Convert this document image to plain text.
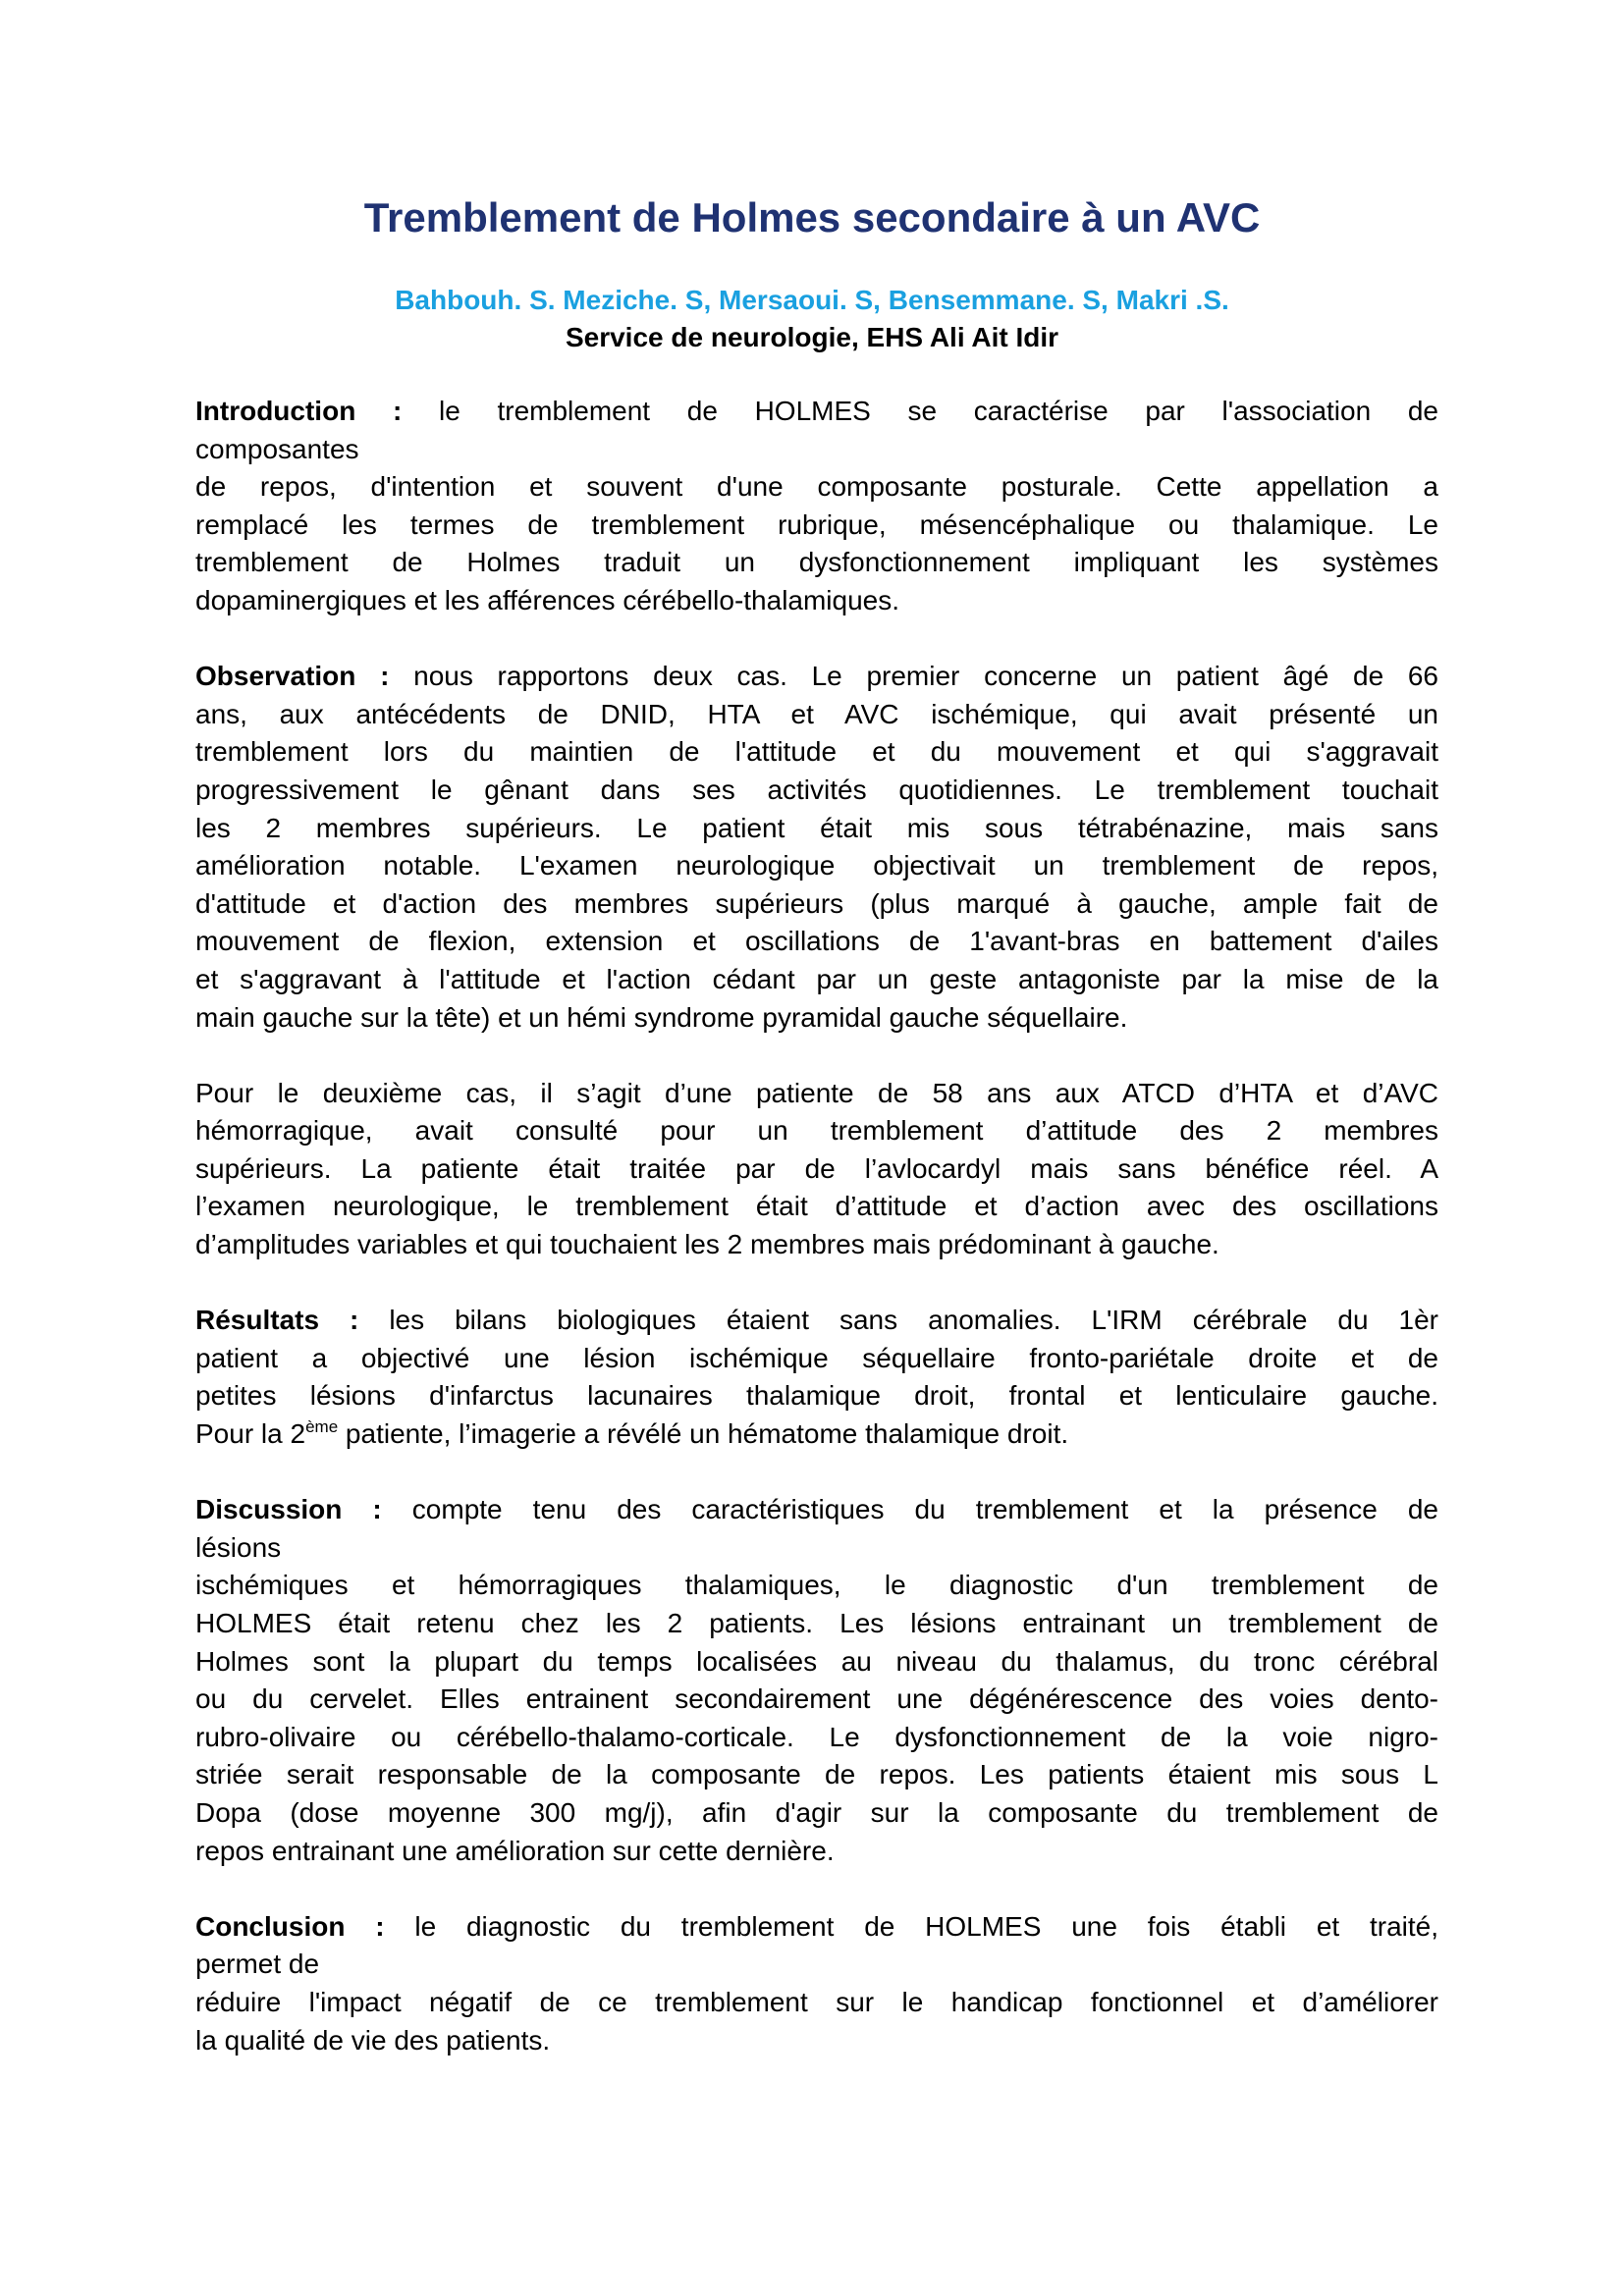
Tremblement de Holmes secondaire à un AVC

Bahbouh. S. Meziche. S, Mersaoui. S, Bensemmane. S, Makri .S.

Service de neurologie, EHS Ali Ait Idir

Introduction : le tremblement de HOLMES se caractérise par l'association de
composantes
de repos, d'intention et souvent d'une composante posturale. Cette appellation a
remplacé les termes de tremblement rubrique, mésencéphalique ou thalamique. Le
tremblement de Holmes traduit un dysfonctionnement impliquant les systèmes
dopaminergiques et les afférences cérébello-thalamiques.

Observation : nous rapportons deux cas. Le premier concerne un patient âgé de 66
ans, aux antécédents de DNID, HTA et AVC ischémique, qui avait présenté un
tremblement lors du maintien de l'attitude et du mouvement et qui s'aggravait
progressivement le gênant dans ses activités quotidiennes. Le tremblement touchait
les 2 membres supérieurs. Le patient était mis sous tétrabénazine, mais sans
amélioration notable. L'examen neurologique objectivait un tremblement de repos,
d'attitude et d'action des membres supérieurs (plus marqué à gauche, ample fait de
mouvement de flexion, extension et oscillations de 1'avant-bras en battement d'ailes
et s'aggravant à l'attitude et l'action cédant par un geste antagoniste par la mise de la
main gauche sur la tête) et un hémi syndrome pyramidal gauche séquellaire.

Pour le deuxième cas, il s’agit d’une patiente de 58 ans aux ATCD d’HTA et d’AVC
hémorragique, avait consulté pour un tremblement d’attitude des 2 membres
supérieurs. La patiente était traitée par de l’avlocardyl mais sans bénéfice réel. A
l’examen neurologique, le tremblement était d’attitude et d’action avec des oscillations
d’amplitudes variables et qui touchaient les 2 membres mais prédominant à gauche.

Résultats : les bilans biologiques étaient sans anomalies. L'IRM cérébrale du 1èr
patient a objectivé une lésion ischémique séquellaire fronto-pariétale droite et de
petites lésions d'infarctus lacunaires thalamique droit, frontal et lenticulaire gauche.
Pour la 2ème patiente, l’imagerie a révélé un hématome thalamique droit.

Discussion : compte tenu des caractéristiques du tremblement et la présence de
lésions
ischémiques et hémorragiques thalamiques, le diagnostic d'un tremblement de
HOLMES était retenu chez les 2 patients. Les lésions entrainant un tremblement de
Holmes sont la plupart du temps localisées au niveau du thalamus, du tronc cérébral
ou du cervelet. Elles entrainent secondairement une dégénérescence des voies dento-
rubro-olivaire ou cérébello-thalamo-corticale. Le dysfonctionnement de la voie nigro-
striée serait responsable de la composante de repos. Les patients étaient mis sous L
Dopa (dose moyenne 300 mg/j), afin d'agir sur la composante du tremblement de
repos entrainant une amélioration sur cette dernière.

Conclusion : le diagnostic du tremblement de HOLMES une fois établi et traité,
permet de
réduire l'impact négatif de ce tremblement sur le handicap fonctionnel et d’améliorer
la qualité de vie des patients.
